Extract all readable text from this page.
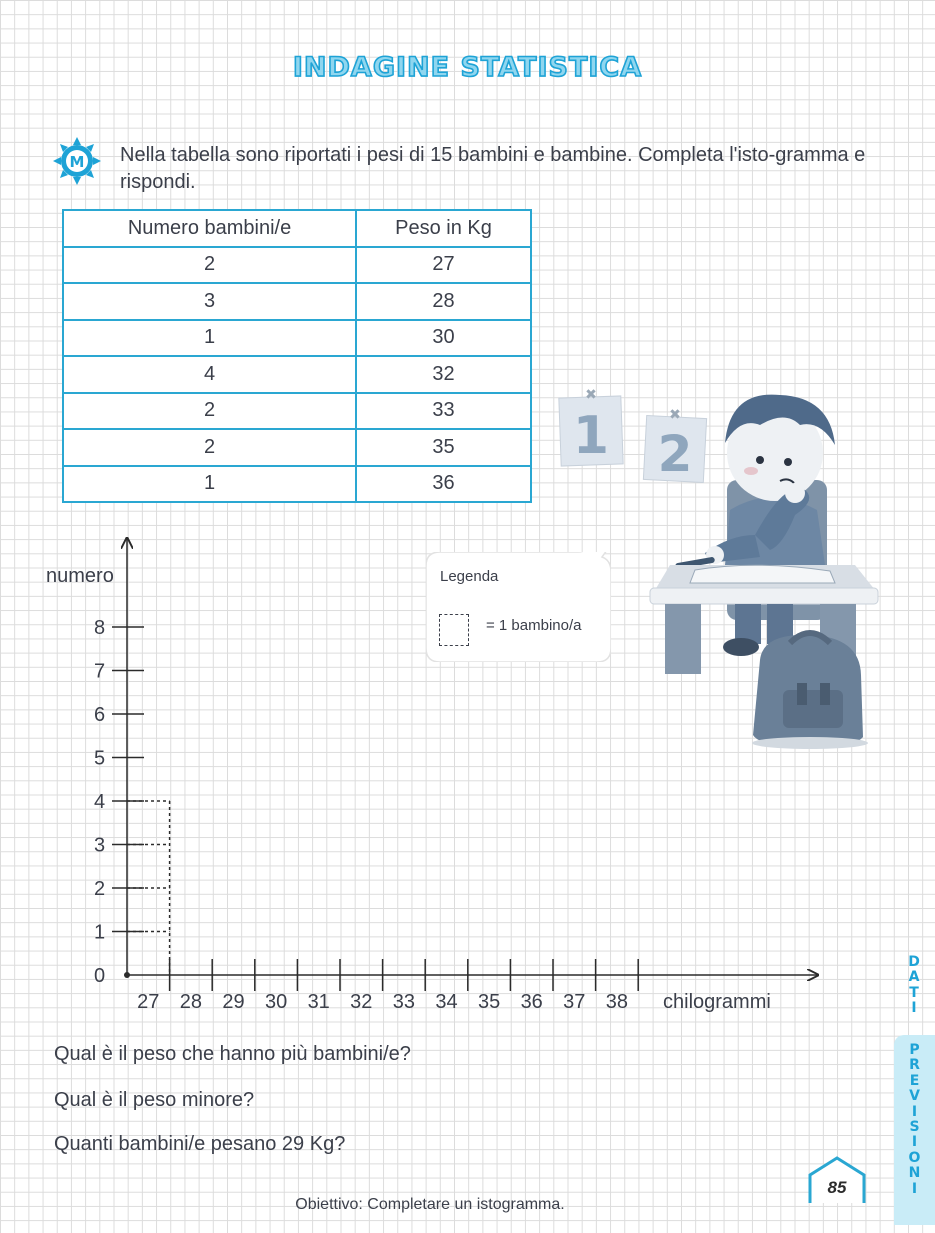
INDAGINE STATISTICA
M Nella tabella sono riportati i pesi di 15 bambini e bambine. Completa l'isto-gramma e rispondi.
Numero bambini/e	Peso in Kg
2	27
3	28
1	30
4	32
2	33
2	35
1	36
numero
chilogrammi
0
1
2
3
4
5
6
7
8
27 28 29 30 31 32 33 34 35 36 37 38
Legenda
= 1 bambino/a
1
✖
2
✖
Qual è il peso che hanno più bambini/e?
Qual è il peso minore?
Quanti bambini/e pesano 29 Kg?
Obiettivo: Completare un istogramma.
85
D
A
T
I
P
R
E
V
I
S
I
O
N
I
